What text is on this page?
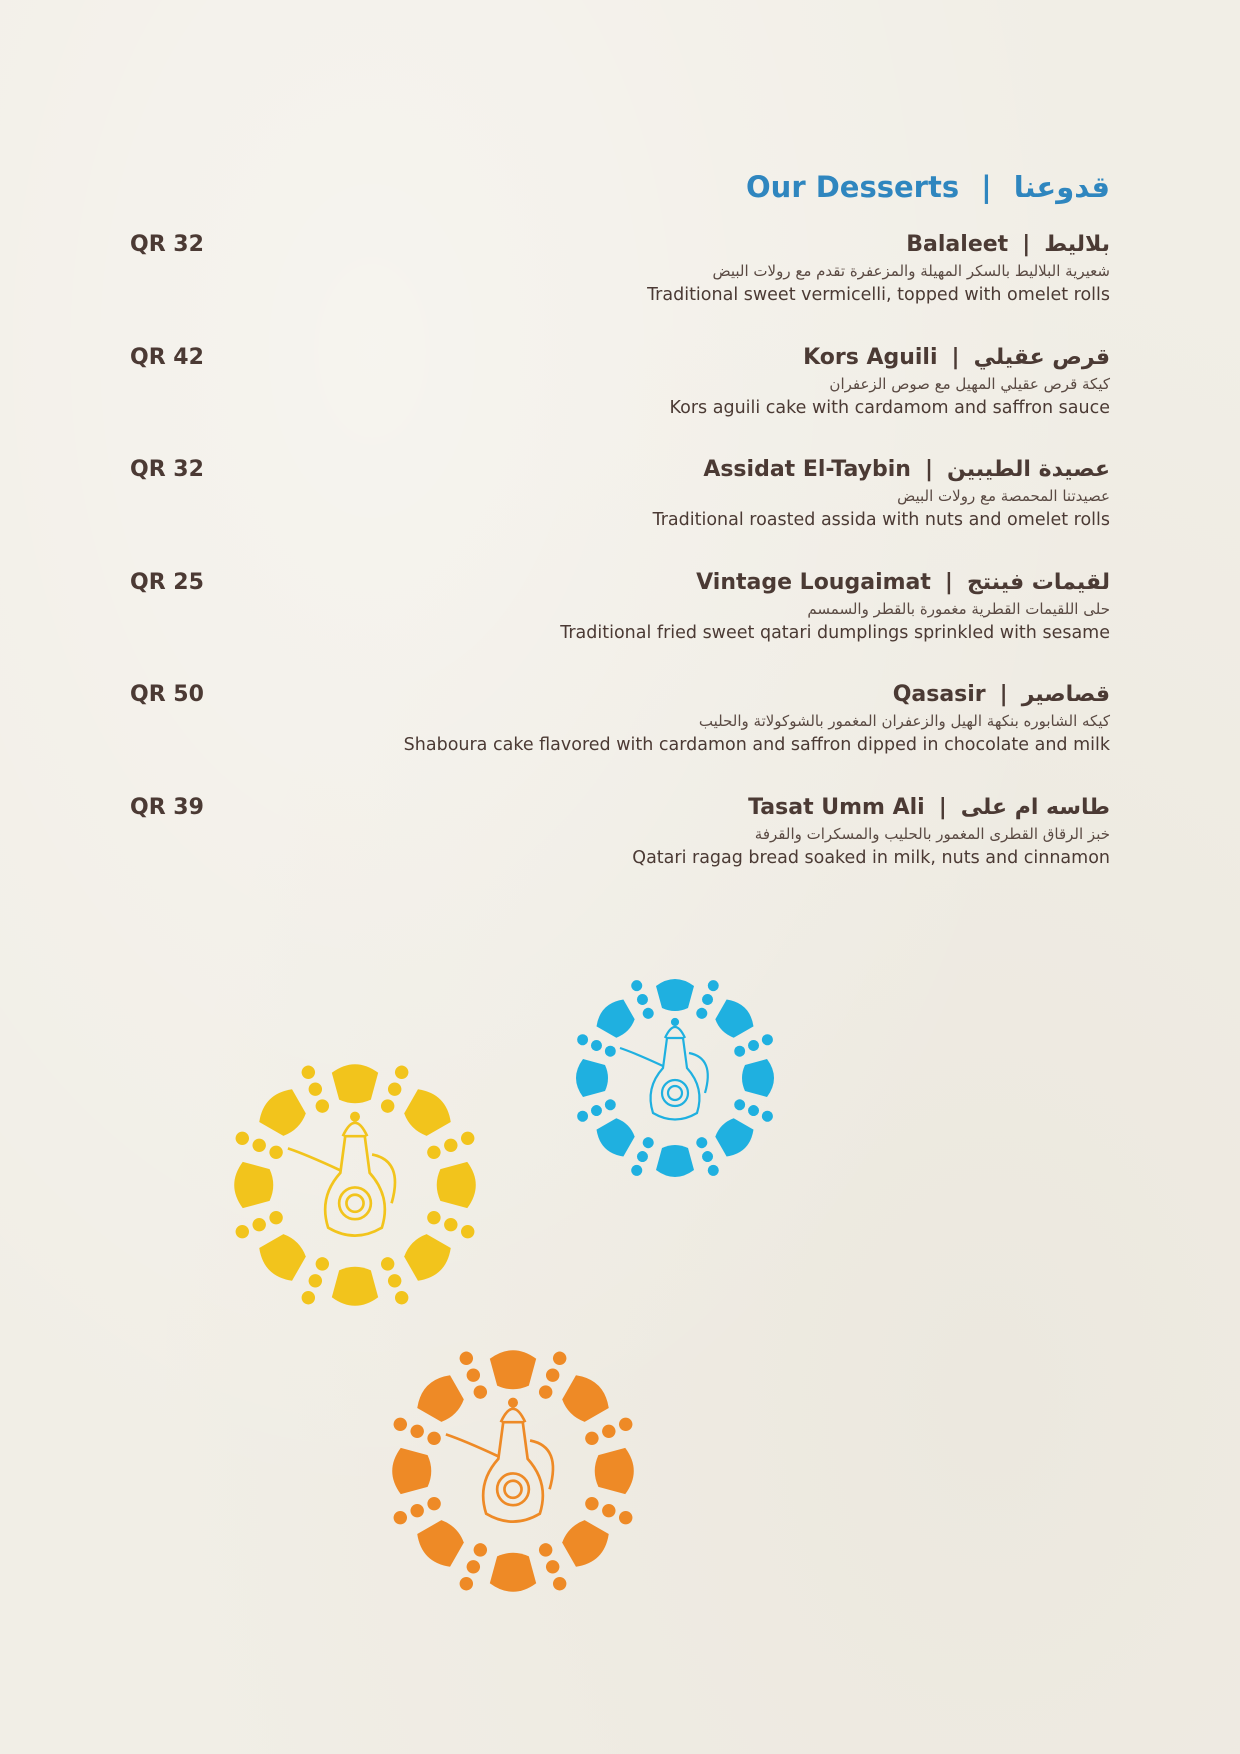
Our Desserts | قدوعنا
QR 32	Balaleet | بلاليط
شعيرية البلاليط بالسكر المهيلة والمزعفرة تقدم مع رولات البيض
Traditional sweet vermicelli, topped with omelet rolls
QR 42	Kors Aguili | قرص عقيلي
كيكة قرص عقيلي المهيل مع صوص الزعفران
Kors aguili cake with cardamom and saffron sauce
QR 32	Assidat El-Taybin | عصيدة الطيبين
عصيدتنا المحمصة مع رولات البيض
Traditional roasted assida with nuts and omelet rolls
QR 25	Vintage Lougaimat | لقيمات فينتج
حلى اللقيمات القطرية مغمورة بالقطر والسمسم
Traditional fried sweet qatari dumplings sprinkled with sesame
QR 50	Qasasir | قصاصير
كيكه الشابوره بنكهة الهيل والزعفران المغمور بالشوكولاتة والحليب
Shaboura cake flavored with cardamon and saffron dipped in chocolate and milk
QR 39	Tasat Umm Ali | طاسه ام على
خبز الرقاق القطرى المغمور بالحليب والمسكرات والقرفة
Qatari ragag bread soaked in milk, nuts and cinnamon
